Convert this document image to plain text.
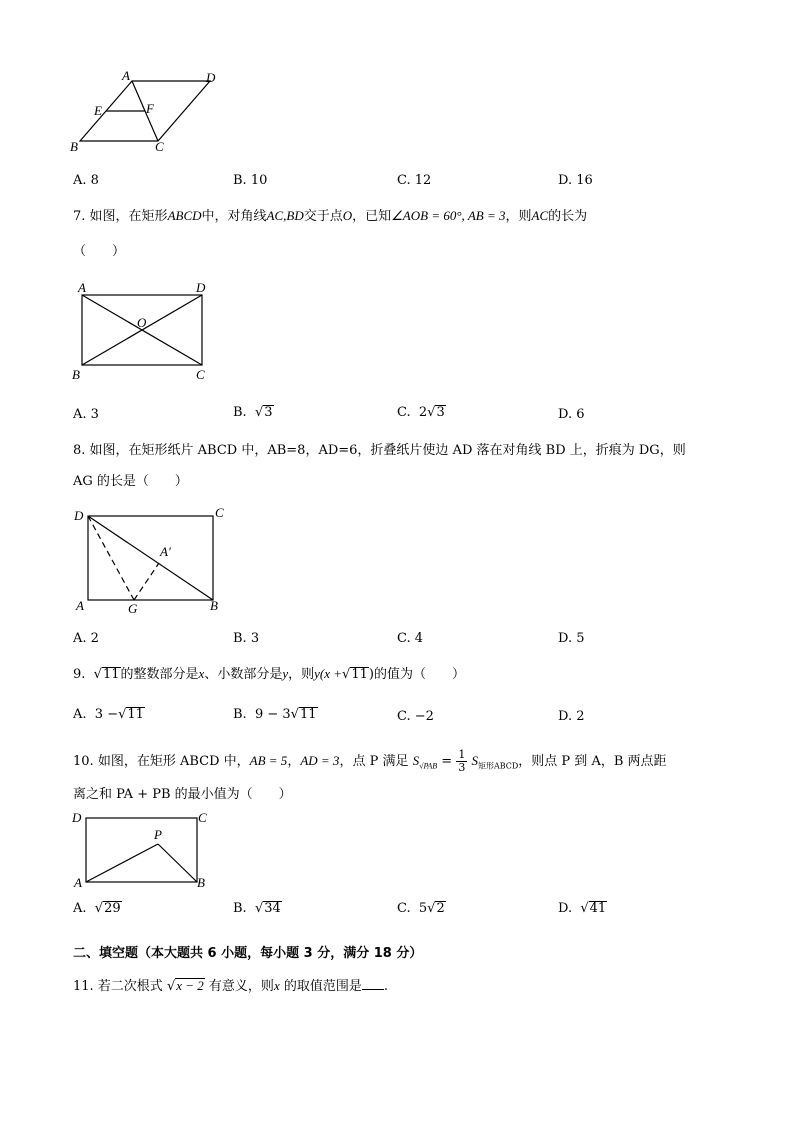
A	D
E	F
B	C
A. 8	B. 10	C. 12	D. 16
7. 如图，在矩形ABCD中，对角线AC,BD交于点O，已知∠AOB = 60°, AB = 3，则AC的长为
（　　）
A	D
O
B	C
A. 3	B.  √3	C. 2√3	D. 6
8. 如图，在矩形纸片 ABCD 中，AB=8，AD=6，折叠纸片使边 AD 落在对角线 BD 上，折痕为 DG，则
AG 的长是（　　）
D	C
A′
A	G	B
A. 2	B. 3	C. 4	D. 5
9.  √11的整数部分是x、小数部分是y，则y(x +√11)的值为（　　）
A. 3 −√11	B. 9 − 3√11	C. −2	D. 2
10. 如图，在矩形 ABCD 中，AB = 5，AD = 3，点 P 满足 $S_{√PAB} = \frac{1}{3} S_{矩形ABCD}$，则点 P 到 A，B 两点距
离之和 PA + PB 的最小值为（　　）
D	C
P
A	B
A.  √29	B.  √34	C. 5√2	D.  √41
二、填空题（本大题共 6 小题，每小题 3 分，满分 18 分）
11. 若二次根式 √x − 2 有意义，则x 的取值范围是 .
